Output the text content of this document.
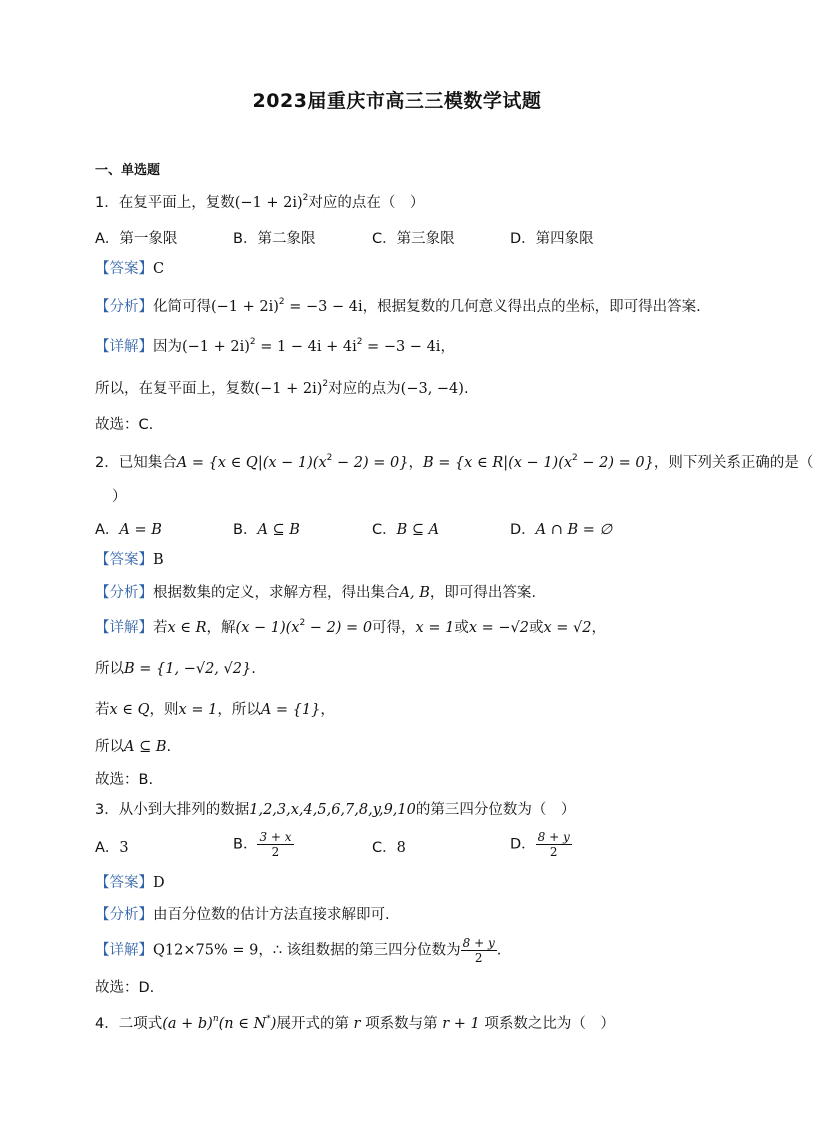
2023届重庆市高三三模数学试题
一、单选题
1．在复平面上，复数$(-1 + 2i)^2$对应的点在（　）
A．第一象限	B．第二象限	C．第三象限	D．第四象限
【答案】C
【分析】化简可得$(-1 + 2i)^2 = -3 - 4i$，根据复数的几何意义得出点的坐标，即可得出答案.
【详解】因为$(-1 + 2i)^2 = 1 - 4i + 4i^2 = -3 - 4i$，
所以，在复平面上，复数$(-1 + 2i)^2$对应的点为(−3, −4).
故选：C.
2．已知集合A = {x ∈ $Q|(x - 1)(x^2 - 2) = 0$}，B = {x ∈ $R|(x - 1)(x^2 - 2) = 0$}，则下列关系正确的是（
）
A．A = B	B．A ⊆ B	C．B ⊆ A	D．A ∩ B = ∅
【答案】B
【分析】根据数集的定义，求解方程，得出集合A, B，即可得出答案.
【详解】若x ∈ R，解$(x - 1)(x^2 - 2) = 0$可得，x = 1或x = −√2或x = √2，
所以B = {1, −√2, √2}.
若x ∈ Q，则x = 1，所以A = {1}，
所以A ⊆ B.
故选：B.
3．从小到大排列的数据1,2,3,x,4,5,6,7,8,y,9,10的第三四分位数为（　）
A．3	B． $\frac{3 + x}{2}$	C．8	D． $\frac{8 + y}{2}$
【答案】D
【分析】由百分位数的估计方法直接求解即可.
【详解】Q12×75% = 9，∴ 该组数据的第三四分位数为 $\frac{8 + y}{2}$ .
故选：D.
4．二项式$(a + b)^n(n$ ∈ N*)展开式的第 r 项系数与第 r + 1 项系数之比为（　）
